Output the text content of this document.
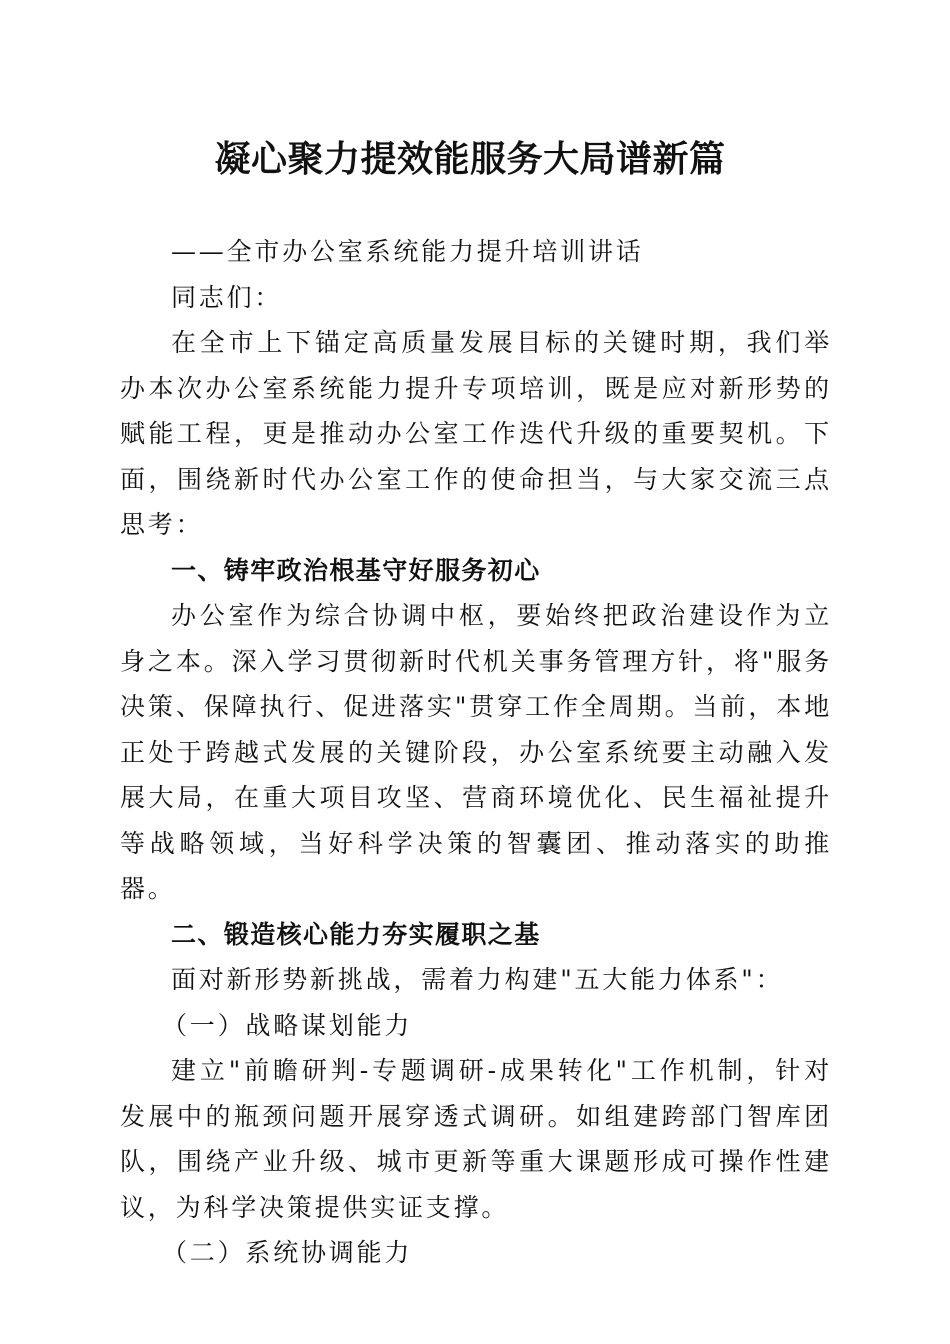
凝心聚力提效能服务大局谱新篇

——全市办公室系统能力提升培训讲话

同志们：

在全市上下锚定高质量发展目标的关键时期，我们举办本次办公室系统能力提升专项培训，既是应对新形势的赋能工程，更是推动办公室工作迭代升级的重要契机。下面，围绕新时代办公室工作的使命担当，与大家交流三点思考：

一、铸牢政治根基守好服务初心

办公室作为综合协调中枢，要始终把政治建设作为立身之本。深入学习贯彻新时代机关事务管理方针，将"服务决策、保障执行、促进落实"贯穿工作全周期。当前，本地正处于跨越式发展的关键阶段，办公室系统要主动融入发展大局，在重大项目攻坚、营商环境优化、民生福祉提升等战略领域，当好科学决策的智囊团、推动落实的助推器。

二、锻造核心能力夯实履职之基

面对新形势新挑战，需着力构建"五大能力体系"：

（一）战略谋划能力

建立"前瞻研判-专题调研-成果转化"工作机制，针对发展中的瓶颈问题开展穿透式调研。如组建跨部门智库团队，围绕产业升级、城市更新等重大课题形成可操作性建议，为科学决策提供实证支撑。

（二）系统协调能力
